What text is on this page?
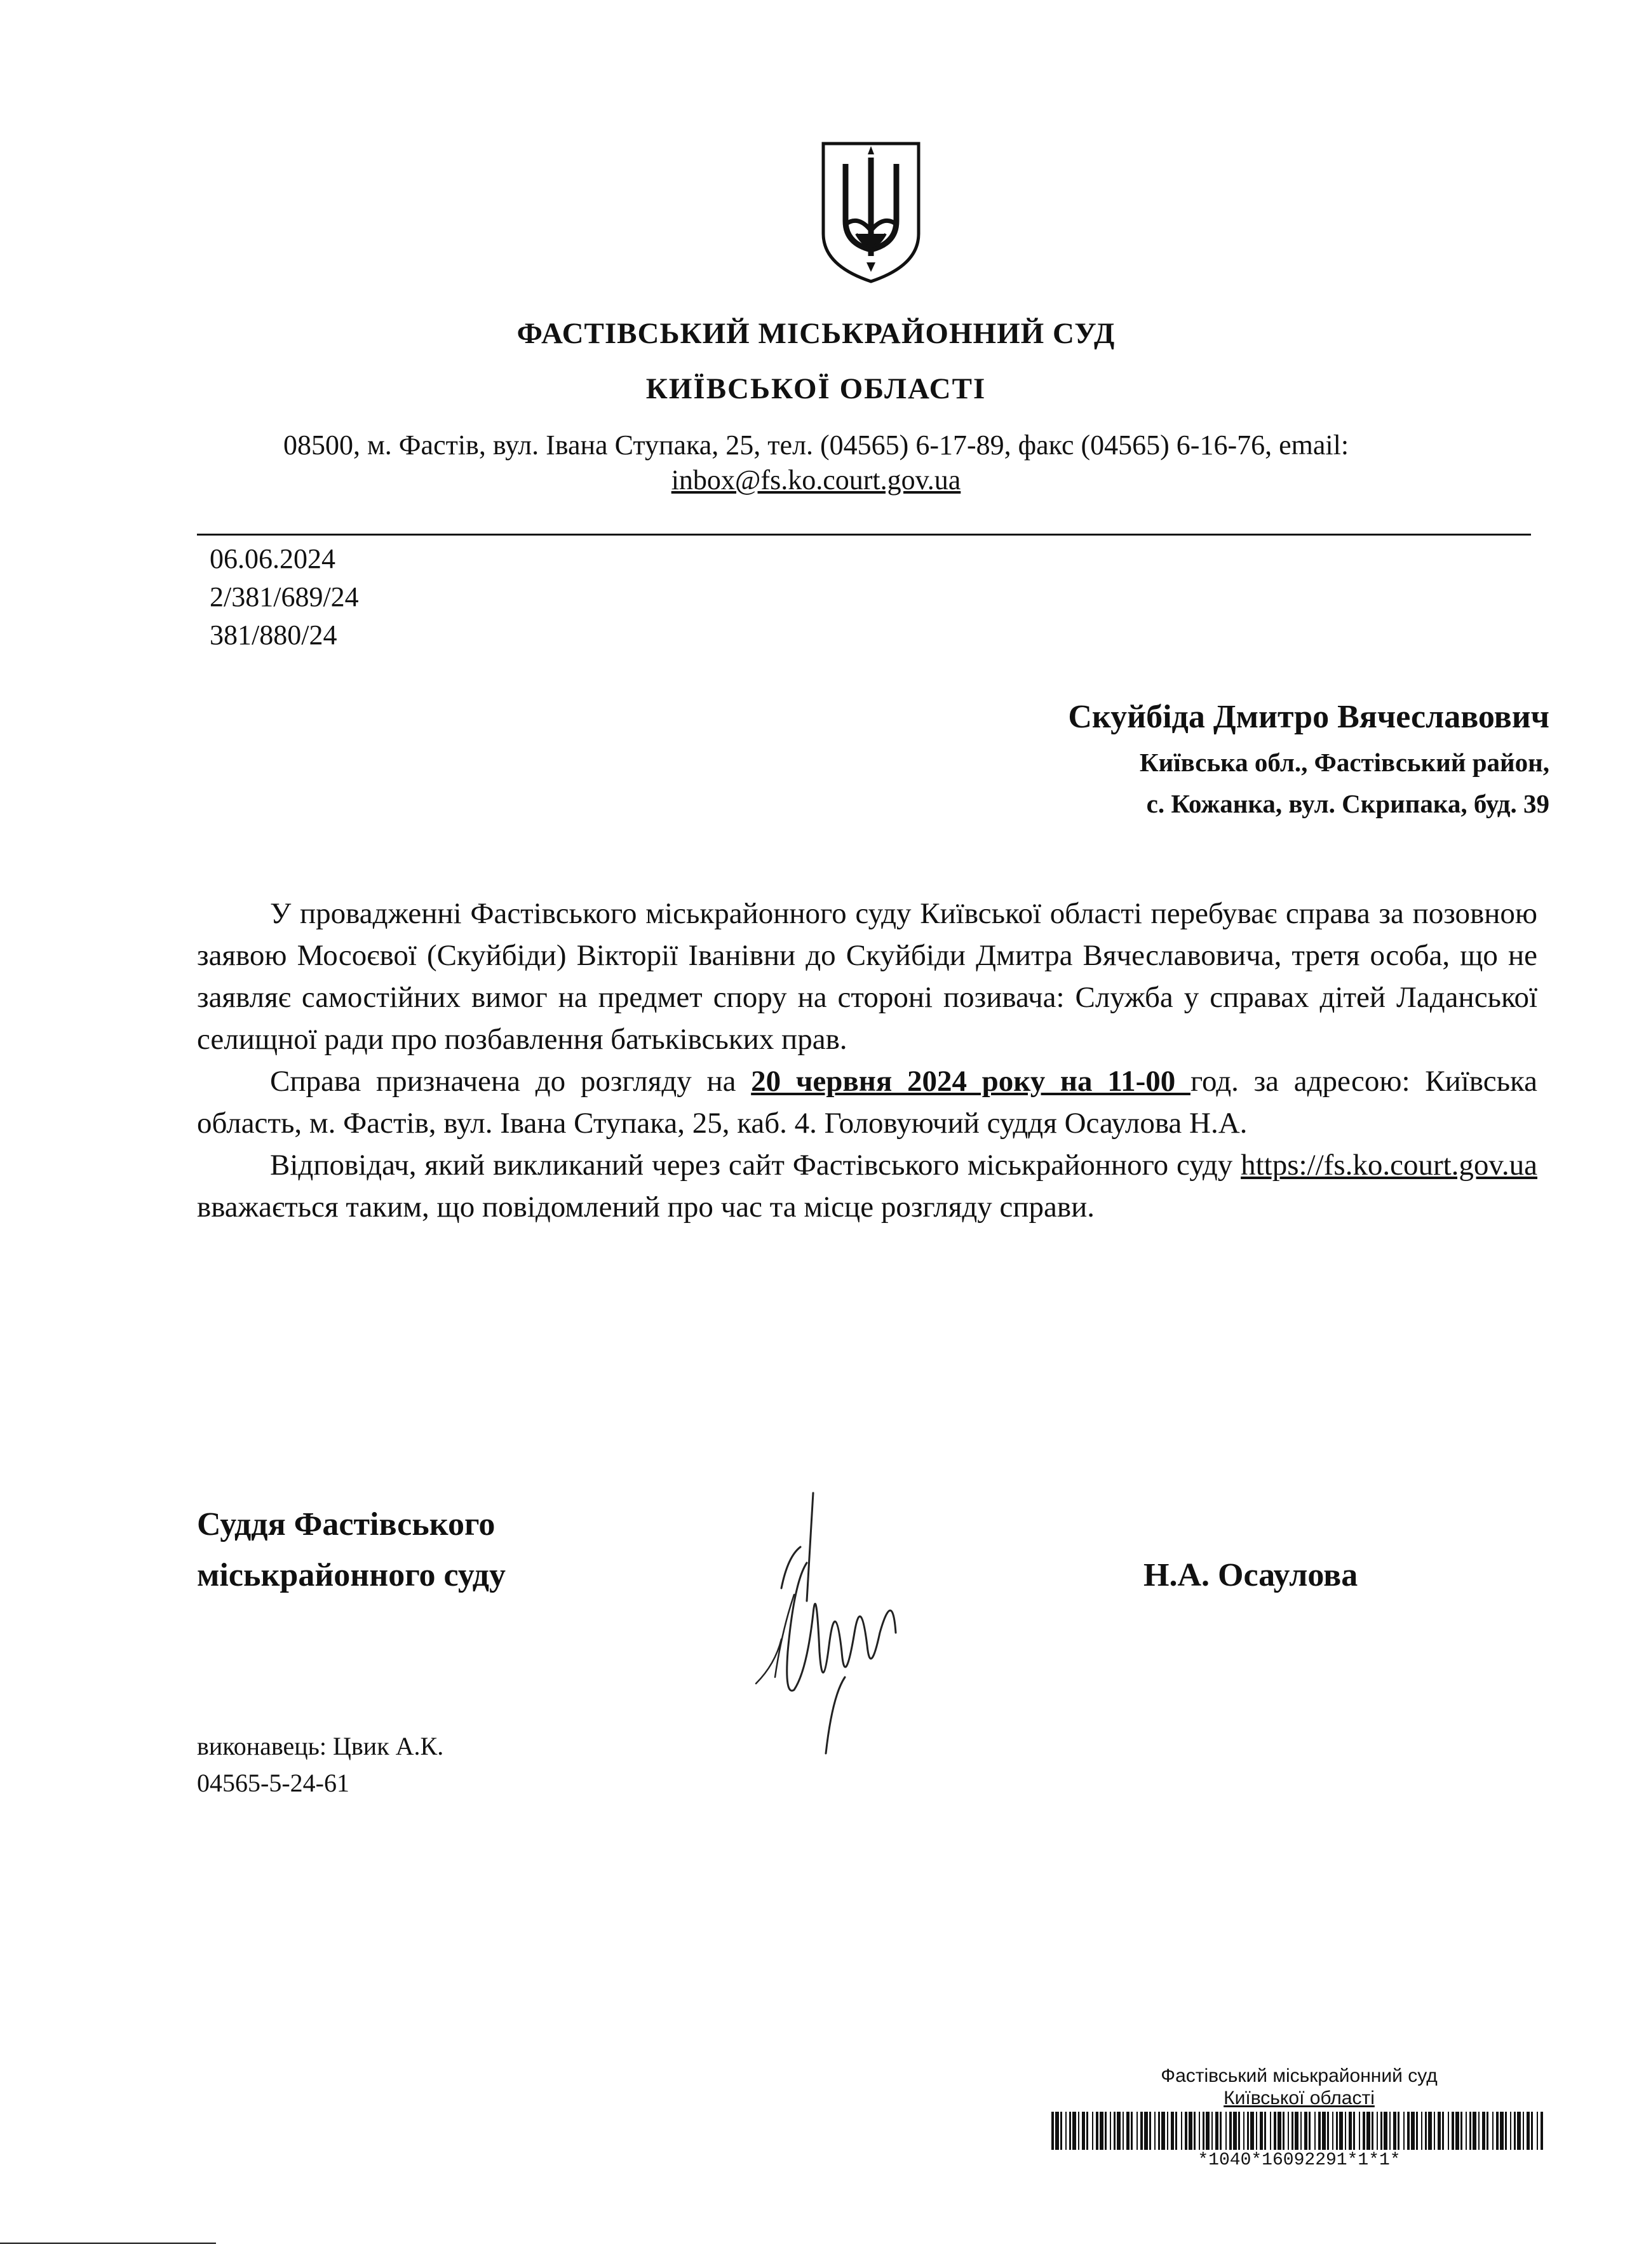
ФАСТІВСЬКИЙ МІСЬКРАЙОННИЙ СУД
КИЇВСЬКОЇ ОБЛАСТІ
08500, м. Фастів, вул. Івана Ступака, 25, тел. (04565) 6-17-89, факс (04565) 6-16-76, email:
inbox@fs.ko.court.gov.ua
06.06.2024
2/381/689/24
381/880/24
Скуйбіда Дмитро Вячеславович
Київська обл., Фастівський район,
с. Кожанка, вул. Скрипака, буд. 39

У провадженні Фастівського міськрайонного суду Київської області перебуває справа за позовною заявою Мосоєвої (Скуйбіди) Вікторії Іванівни до Скуйбіди Дмитра Вячеславовича, третя особа, що не заявляє самостійних вимог на предмет спору на стороні позивача: Служба у справах дітей Ладанської селищної ради про позбавлення батьківських прав.

Справа призначена до розгляду на 20 червня 2024 року на 11-00 год. за адресою: Київська область, м. Фастів, вул. Івана Ступака, 25, каб. 4. Головуючий суддя Осаулова Н.А.

Відповідач, який викликаний через сайт Фастівського міськрайонного суду https://fs.ko.court.gov.ua вважається таким, що повідомлений про час та місце розгляду справи.

Суддя Фастівського
міськрайонного суду	Н.А. Осаулова
виконавець: Цвик А.К.
04565-5-24-61
Фастівський міськрайонний суд
Київської області
*1040*16092291*1*1*
